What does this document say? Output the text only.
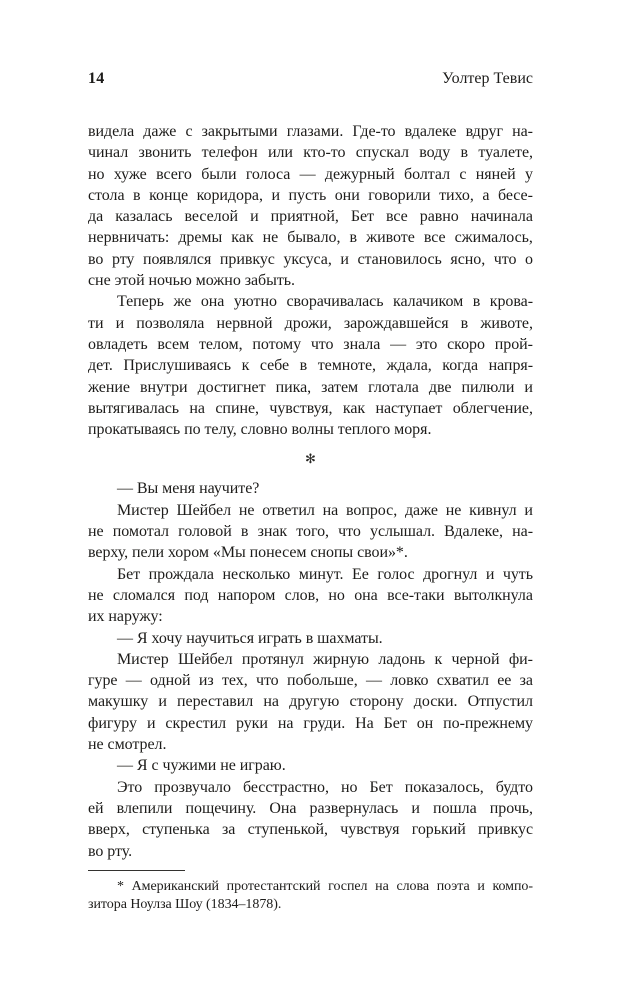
14	Уолтер Тевис
видела даже с закрытыми глазами. Где-то вдалеке вдруг на-
чинал звонить телефон или кто-то спускал воду в туалете,
но хуже всего были голоса — дежурный болтал с няней у
стола в конце коридора, и пусть они говорили тихо, а бесе-
да казалась веселой и приятной, Бет все равно начинала
нервничать: дремы как не бывало, в животе все сжималось,
во рту появлялся привкус уксуса, и становилось ясно, что о
сне этой ночью можно забыть.
Теперь же она уютно сворачивалась калачиком в крова-
ти и позволяла нервной дрожи, зарождавшейся в животе,
овладеть всем телом, потому что знала — это скоро прой-
дет. Прислушиваясь к себе в темноте, ждала, когда напря-
жение внутри достигнет пика, затем глотала две пилюли и
вытягивалась на спине, чувствуя, как наступает облегчение,
прокатываясь по телу, словно волны теплого моря.
✻
— Вы меня научите?
Мистер Шейбел не ответил на вопрос, даже не кивнул и
не помотал головой в знак того, что услышал. Вдалеке, на-
верху, пели хором «Мы понесем снопы свои»*.
Бет прождала несколько минут. Ее голос дрогнул и чуть
не сломался под напором слов, но она все-таки вытолкнула
их наружу:
— Я хочу научиться играть в шахматы.
Мистер Шейбел протянул жирную ладонь к черной фи-
гуре — одной из тех, что побольше, — ловко схватил ее за
макушку и переставил на другую сторону доски. Отпустил
фигуру и скрестил руки на груди. На Бет он по-прежнему
не смотрел.
— Я с чужими не играю.
Это прозвучало бесстрастно, но Бет показалось, будто
ей влепили пощечину. Она развернулась и пошла прочь,
вверх, ступенька за ступенькой, чувствуя горький привкус
во рту.
* Американский протестантский госпел на слова поэта и компо-
зитора Ноулза Шоу (1834–1878).
